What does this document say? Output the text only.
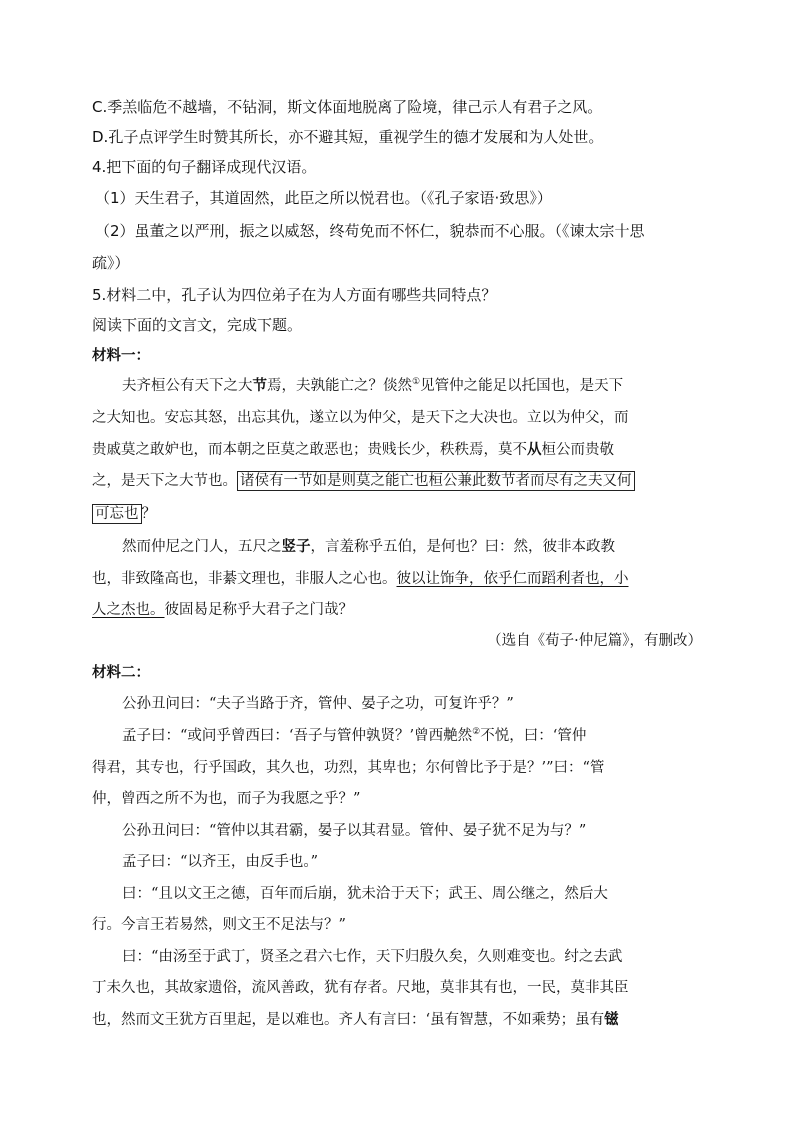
C.季羔临危不越墙，不钻洞，斯文体面地脱离了险境，律己示人有君子之风。
D.孔子点评学生时赞其所长，亦不避其短，重视学生的德才发展和为人处世。
4.把下面的句子翻译成现代汉语。
（1）天生君子，其道固然，此臣之所以悦君也。（《孔子家语·致思》）
（2）虽董之以严刑，振之以威怒，终苟免而不怀仁，貌恭而不心服。（《谏太宗十思
疏》）
5.材料二中，孔子认为四位弟子在为人方面有哪些共同特点？
阅读下面的文言文，完成下题。
材料一：
夫齐桓公有天下之大节焉，夫孰能亡之？倓然①见管仲之能足以托国也，是天下
之大知也。安忘其怒，出忘其仇，遂立以为仲父，是天下之大决也。立以为仲父，而
贵戚莫之敢妒也，而本朝之臣莫之敢恶也；贵贱长少，秩秩焉，莫不从桓公而贵敬
之，是天下之大节也。 诸侯有一节如是则莫之能亡也桓公兼此数节者而尽有之夫又何
可忘也 ？
然而仲尼之门人，五尺之竖子，言羞称乎五伯，是何也？曰：然，彼非本政教
也，非致隆高也，非綦文理也，非服人之心也。彼以让饰争，依乎仁而蹈利者也，小
人之杰也。彼固曷足称乎大君子之门哉？
（选自《荀子·仲尼篇》，有删改）
材料二：
公孙丑问曰：“夫子当路于齐，管仲、晏子之功，可复许乎？”
孟子曰：“或问乎曾西曰：‘吾子与管仲孰贤？’曾西艴然②不悦，曰：‘管仲
得君，其专也，行乎国政，其久也，功烈，其卑也；尔何曾比予于是？’”曰：“管
仲，曾西之所不为也，而子为我愿之乎？”
公孙丑问曰：“管仲以其君霸，晏子以其君显。管仲、晏子犹不足为与？”
孟子曰：“以齐王，由反手也。”
曰：“且以文王之德，百年而后崩，犹未洽于天下；武王、周公继之，然后大
行。今言王若易然，则文王不足法与？”
曰：“由汤至于武丁，贤圣之君六七作，天下归殷久矣，久则难变也。纣之去武
丁未久也，其故家遗俗，流风善政，犹有存者。尺地，莫非其有也，一民，莫非其臣
也，然而文王犹方百里起，是以难也。齐人有言曰：‘虽有智慧，不如乘势；虽有镃
